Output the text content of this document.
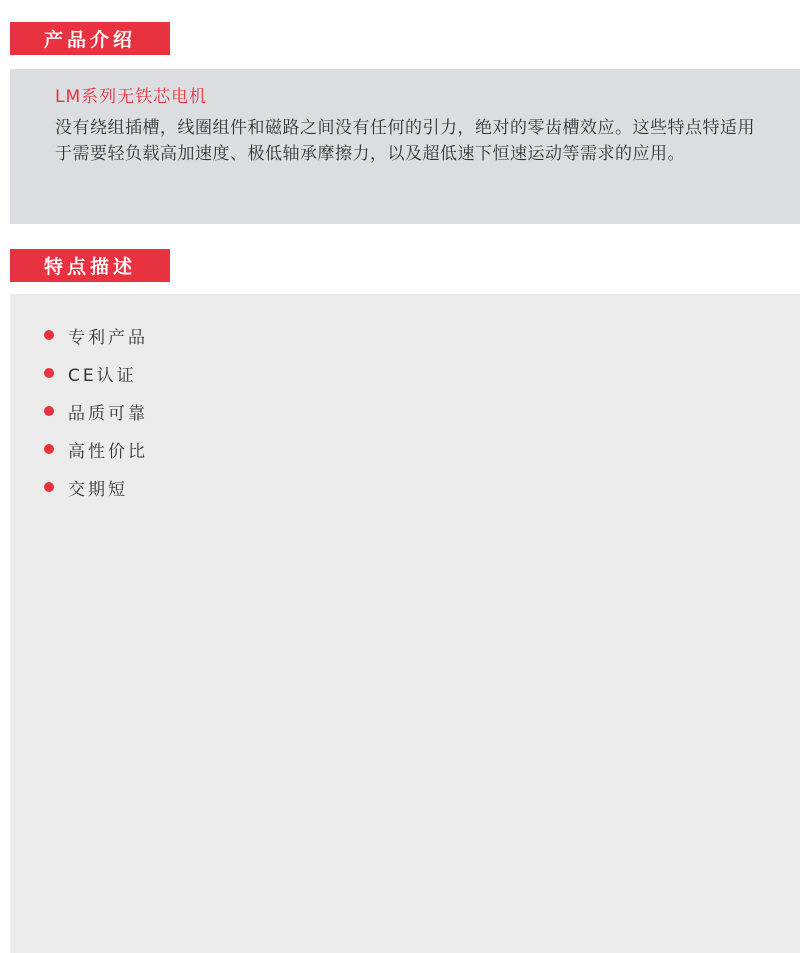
产品介绍

LM系列无铁芯电机

没有绕组插槽，线圈组件和磁路之间没有任何的引力，绝对的零齿槽效应。这些特点特适用于需要轻负载高加速度、极低轴承摩擦力，以及超低速下恒速运动等需求的应用。

特点描述
专利产品
CE认证
品质可靠
高性价比
交期短
